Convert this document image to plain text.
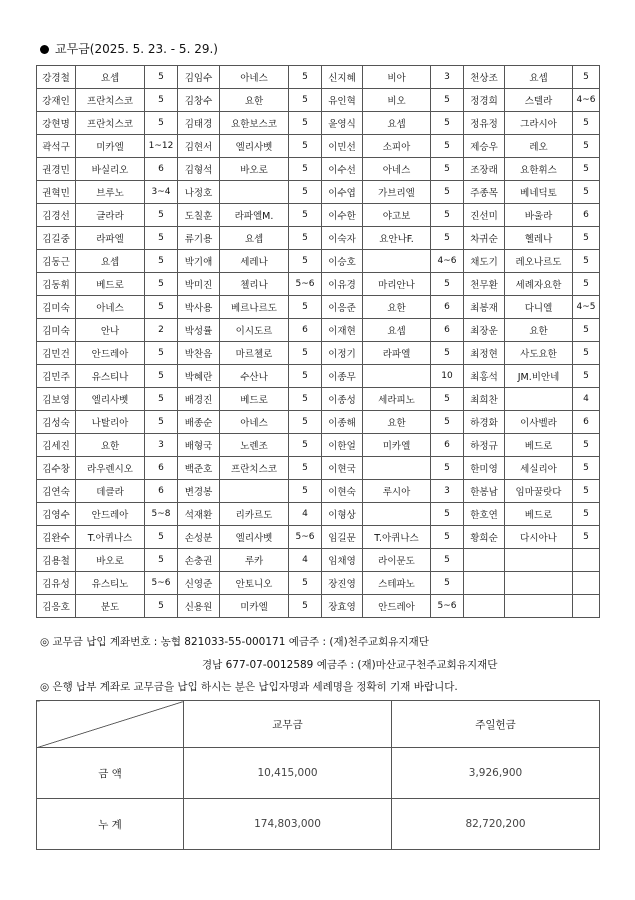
교무금(2025. 5. 23. - 5. 29.)
강경철	요셉	5	김임수	아네스	5	신지혜	비아	3	천상조	요셉	5
강재인	프란치스코	5	김창수	요한	5	유인혁	비오	5	정경희	스텔라	4~6
강현명	프란치스코	5	김태경	요한보스코	5	윤영식	요셉	5	정유정	그라시아	5
곽석구	미카엘	1~12	김현서	엘리사벳	5	이민선	소피아	5	제승우	레오	5
권경민	바실리오	6	김형석	바오로	5	이수선	아네스	5	조장래	요한휘스	5
권혁민	브루노	3~4	나정호		5	이수엽	가브리엘	5	주종목	베네딕토	5
김경선	글라라	5	도칠훈	라파엘M.	5	이수한	야고보	5	진선미	바울라	6
김길중	라파엘	5	류기용	요셉	5	이숙자	요안나F.	5	차귀순	헬레나	5
김동근	요셉	5	박기애	세레나	5	이승호		4~6	채도기	레오나르도	5
김동휘	베드로	5	박미진	첼리나	5~6	이유경	마리안나	5	천무환	세례자요한	5
김미숙	아네스	5	박사용	베르나르도	5	이응준	요한	6	최봉재	다니엘	4~5
김미숙	안나	2	박성률	이시도르	6	이재현	요셉	6	최장운	요한	5
김민건	안드레아	5	박찬음	마르첼로	5	이정기	라파엘	5	최정현	사도요한	5
김민주	유스티나	5	박혜란	수산나	5	이종무		10	최홍석	JM.비안네	5
김보영	엘리사벳	5	배경진	베드로	5	이종성	세라피노	5	최희찬		4
김성숙	나탈리아	5	배종순	아네스	5	이종해	요한	5	하경화	이사벨라	6
김세진	요한	3	배형국	노렌조	5	이한얼	미카엘	6	하정규	베드로	5
김수창	라우렌시오	6	백준호	프란치스코	5	이현국		5	한미영	세실리아	5
김연숙	데클라	6	변경봉		5	이현숙	루시아	3	한봉남	임마꿀랏다	5
김영수	안드레아	5~8	석재환	리카르도	4	이형상		5	한호연	베드로	5
김완수	T.아퀴나스	5	손성분	엘리사벳	5~6	임길문	T.아퀴나스	5	황희순	다시아나	5
김용철	바오로	5	손충권	루카	4	임채영	라이문도	5			
김유성	유스티노	5~6	신영준	안토니오	5	장진영	스테파노	5			
김응호	분도	5	신용원	미카엘	5	장효영	안드레아	5~6			
◎ 교무금 납입 계좌번호 : 농협 821033-55-000171 예금주 : (재)천주교회유지재단
경남 677-07-0012589 예금주 : (재)마산교구천주교회유지재단
◎ 은행 납부 계좌로 교무금을 납입 하시는 분은 납입자명과 세례명을 정확히 기재 바랍니다.
	교무금	주일헌금
금 액	10,415,000	3,926,900
누 계	174,803,000	82,720,200
